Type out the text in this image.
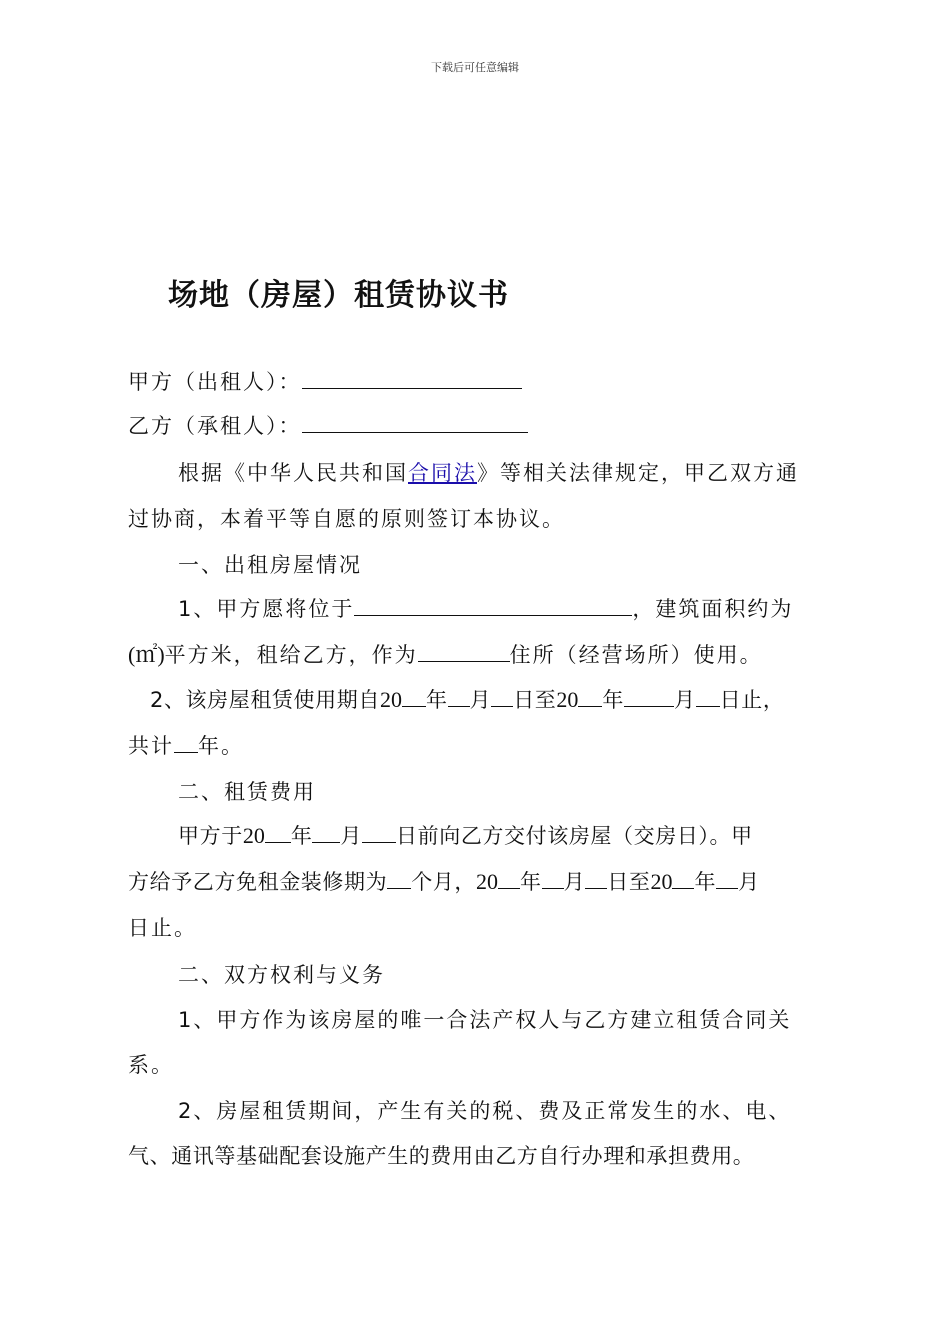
下载后可任意编辑
场地（房屋）租赁协议书
甲方（出租人）：
乙方（承租人）：
根据《中华人民共和国合同法》等相关法律规定，甲乙双方通
过协商，本着平等自愿的原则签订本协议。
一、出租房屋情况
1、甲方愿将位于	，建筑面积约为
(㎡)平方米，租给乙方，作为	住所（经营场所）使用。
2、该房屋租赁使用期自20 年 月 日至20 年 月 日止，
共计 年。
二、租赁费用
甲方于20 年 月 日前向乙方交付该房屋（交房日）。甲
方给予乙方免租金装修期为 个月，20 年 月 日至20 年 月
日止。
二、双方权利与义务
1、甲方作为该房屋的唯一合法产权人与乙方建立租赁合同关
系。
2、房屋租赁期间，产生有关的税、费及正常发生的水、电、
气、通讯等基础配套设施产生的费用由乙方自行办理和承担费用。
